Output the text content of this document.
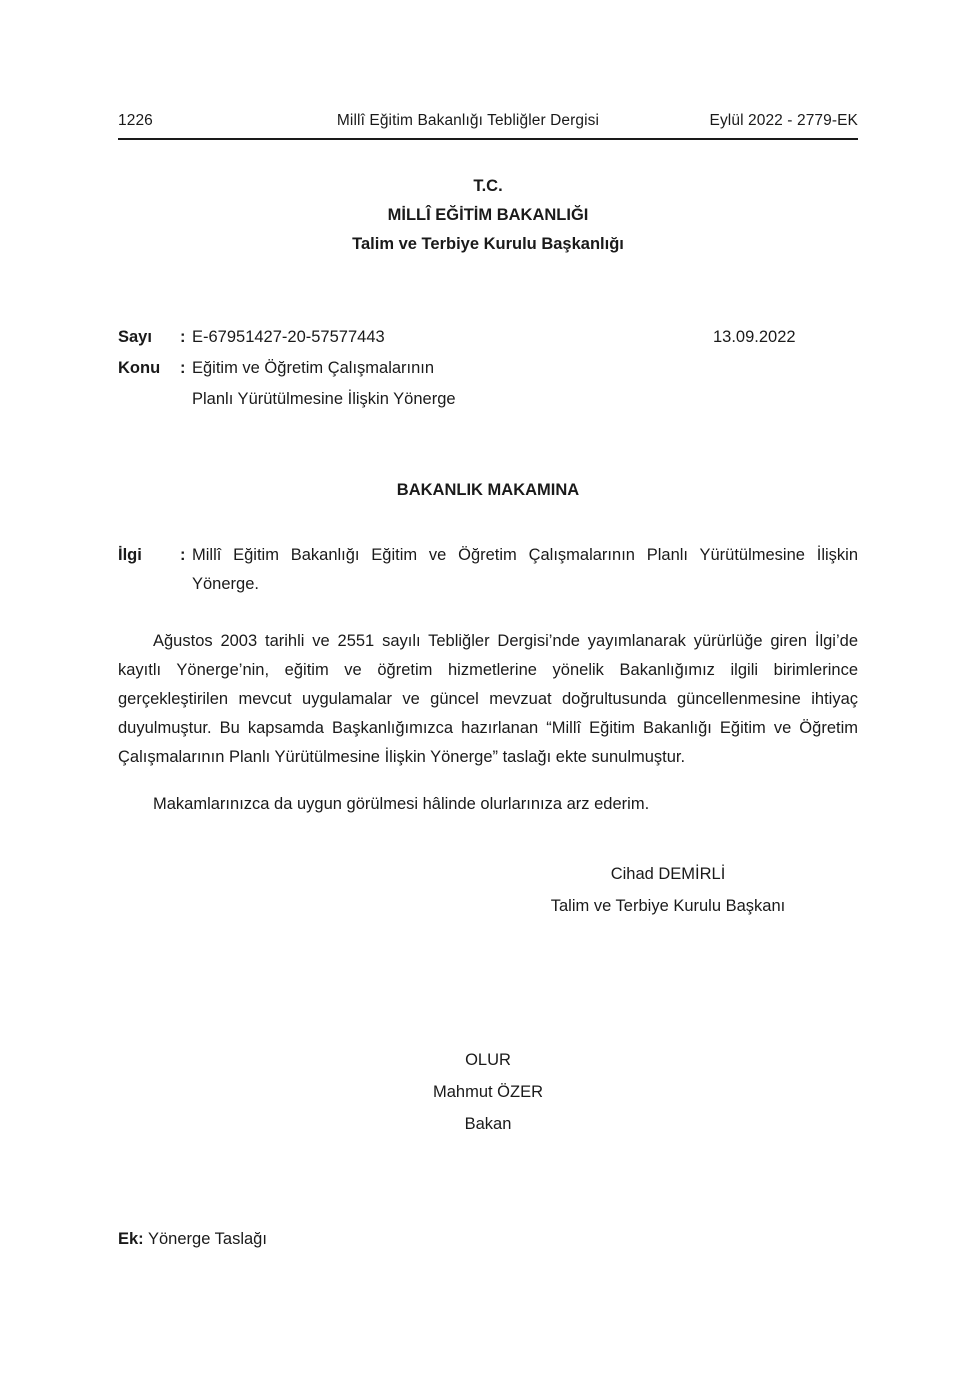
1226	Millî Eğitim Bakanlığı Tebliğler Dergisi	Eylül 2022 - 2779-EK
T.C.
MİLLÎ EĞİTİM BAKANLIĞI
Talim ve Terbiye Kurulu Başkanlığı
Sayı	: E-67951427-20-57577443	13.09.2022
Konu	: Eğitim ve Öğretim Çalışmalarının
Planlı Yürütülmesine İlişkin Yönerge
BAKANLIK MAKAMINA
İlgi : Millî Eğitim Bakanlığı Eğitim ve Öğretim Çalışmalarının Planlı Yürütülmesine İlişkin Yönerge.

Ağustos 2003 tarihli ve 2551 sayılı Tebliğler Dergisi’nde yayımlanarak yürürlüğe giren İlgi’de kayıtlı Yönerge’nin, eğitim ve öğretim hizmetlerine yönelik Bakanlığımız ilgili birimlerince gerçekleştirilen mevcut uygulamalar ve güncel mevzuat doğrultusunda güncellenmesine ihtiyaç duyulmuştur. Bu kapsamda Başkanlığımızca hazırlanan “Millî Eğitim Bakanlığı Eğitim ve Öğretim Çalışmalarının Planlı Yürütülmesine İlişkin Yönerge” taslağı ekte sunulmuştur.

Makamlarınızca da uygun görülmesi hâlinde olurlarınıza arz ederim.

Cihad DEMİRLİ
Talim ve Terbiye Kurulu Başkanı
OLUR
Mahmut ÖZER
Bakan
Ek: Yönerge Taslağı
